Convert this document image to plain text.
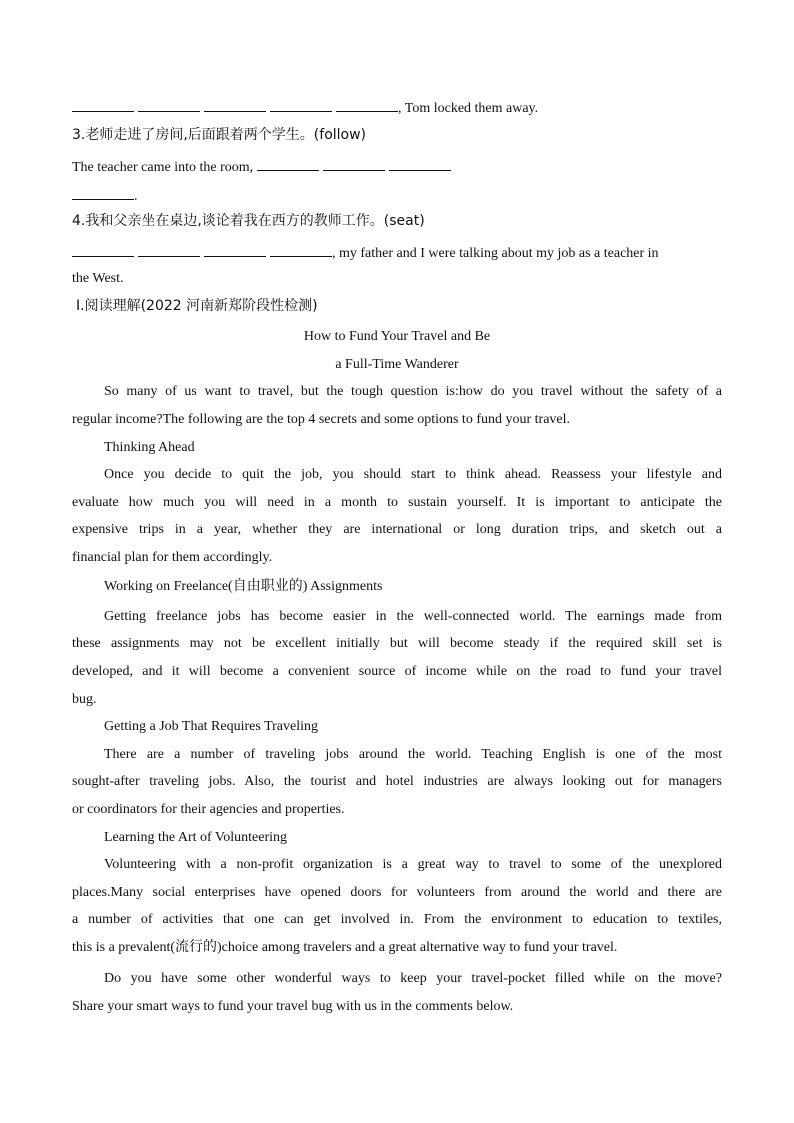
, Tom locked them away.
3.老师走进了房间,后面跟着两个学生。(follow)
The teacher came into the room,
.
4.我和父亲坐在桌边,谈论着我在西方的教师工作。(seat)
, my father and I were talking about my job as a teacher in
the West.
Ⅰ.阅读理解(2022 河南新郑阶段性检测)
How to Fund Your Travel and Be
a Full-Time Wanderer
So many of us want to travel, but the tough question is:how do you travel without the safety of a
regular income?The following are the top 4 secrets and some options to fund your travel.
Thinking Ahead
Once you decide to quit the job, you should start to think ahead. Reassess your lifestyle and
evaluate how much you will need in a month to sustain yourself. It is important to anticipate the
expensive trips in a year, whether they are international or long duration trips, and sketch out a
financial plan for them accordingly.
Working on Freelance(自由职业的) Assignments
Getting freelance jobs has become easier in the well-connected world. The earnings made from
these assignments may not be excellent initially but will become steady if the required skill set is
developed, and it will become a convenient source of income while on the road to fund your travel
bug.
Getting a Job That Requires Traveling
There are a number of traveling jobs around the world. Teaching English is one of the most
sought-after traveling jobs. Also, the tourist and hotel industries are always looking out for managers
or coordinators for their agencies and properties.
Learning the Art of Volunteering
Volunteering with a non-profit organization is a great way to travel to some of the unexplored
places.Many social enterprises have opened doors for volunteers from around the world and there are
a number of activities that one can get involved in. From the environment to education to textiles,
this is a prevalent(流行的)choice among travelers and a great alternative way to fund your travel.
Do you have some other wonderful ways to keep your travel-pocket filled while on the move?
Share your smart ways to fund your travel bug with us in the comments below.
